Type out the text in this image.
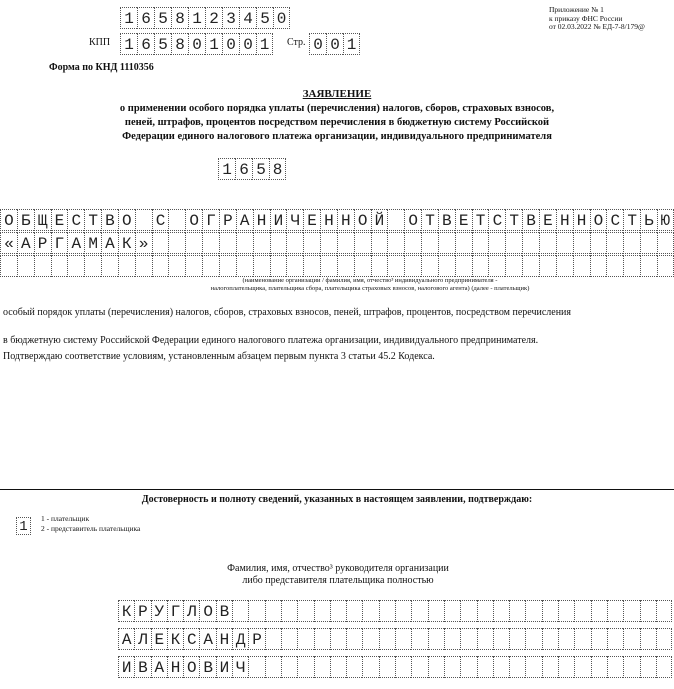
1 6 5 8 1 2 3 4 5 0
Приложение № 1
к приказу ФНС России
от 02.03.2022 № ЕД-7-8/179@
КПП 1 6 5 8 0 1 0 0 1	Стр. 0 0 1
Форма по КНД 1110356
ЗАЯВЛЕНИЕ
о применении особого порядка уплаты (перечисления) налогов, сборов, страховых взносов,
пеней, штрафов, процентов посредством перечисления в бюджетную систему Российской
Федерации единого налогового платежа организации, индивидуального предпринимателя
1 6 5 8
О Б Щ Е С Т В О С О Г Р А Н И Ч Е Н Н О Й О Т В Е Т С Т В Е Н Н О С Т Ь Ю
« А Р Г А М А К »
(наименование организации / фамилия, имя, отчество³ индивидуального предпринимателя -
налогоплательщика, плательщика сбора, плательщика страховых взносов, налогового агента) (далее - плательщик)
особый порядок уплаты (перечисления) налогов, сборов, страховых взносов, пеней, штрафов, процентов, посредством перечисления
в бюджетную систему Российской Федерации единого налогового платежа организации, индивидуального предпринимателя.
Подтверждаю соответствие условиям, установленным абзацем первым пункта 3 статьи 45.2 Кодекса.
Достоверность и полноту сведений, указанных в настоящем заявлении, подтверждаю:
1
1 - плательщик
2 - представитель плательщика
Фамилия, имя, отчество³ руководителя организации
либо представителя плательщика полностью
К Р У Г Л О В
А Л Е К С А Н Д Р
И В А Н О В И Ч
